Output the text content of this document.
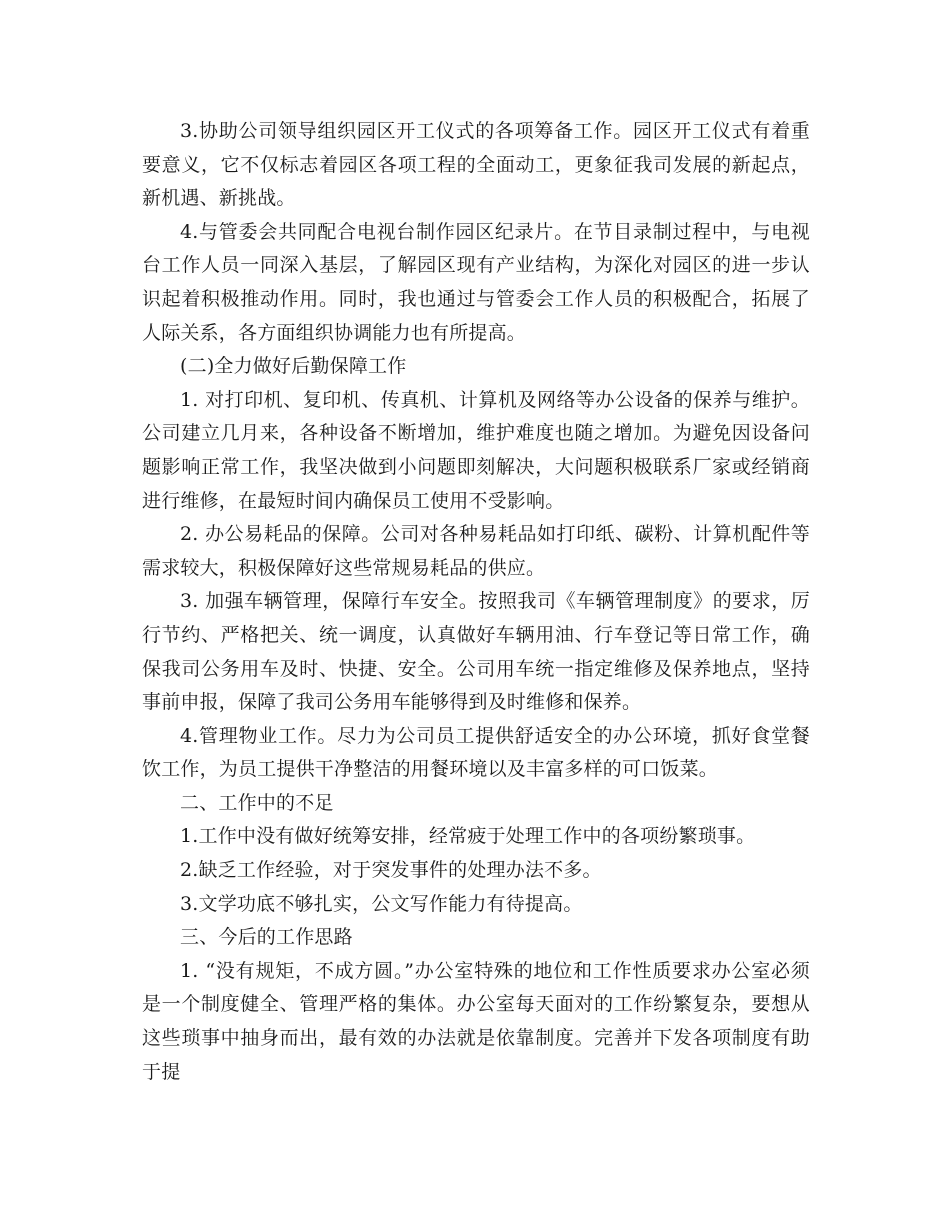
3.协助公司领导组织园区开工仪式的各项筹备工作。园区开工仪式有着重要意义，它不仅标志着园区各项工程的全面动工，更象征我司发展的新起点，新机遇、新挑战。

4.与管委会共同配合电视台制作园区纪录片。在节目录制过程中，与电视台工作人员一同深入基层，了解园区现有产业结构，为深化对园区的进一步认识起着积极推动作用。同时，我也通过与管委会工作人员的积极配合，拓展了人际关系，各方面组织协调能力也有所提高。

(二)全力做好后勤保障工作

1. 对打印机、复印机、传真机、计算机及网络等办公设备的保养与维护。公司建立几月来，各种设备不断增加，维护难度也随之增加。为避免因设备问题影响正常工作，我坚决做到小问题即刻解决，大问题积极联系厂家或经销商进行维修，在最短时间内确保员工使用不受影响。

2. 办公易耗品的保障。公司对各种易耗品如打印纸、碳粉、计算机配件等需求较大，积极保障好这些常规易耗品的供应。

3. 加强车辆管理，保障行车安全。按照我司《车辆管理制度》的要求，厉行节约、严格把关、统一调度，认真做好车辆用油、行车登记等日常工作，确保我司公务用车及时、快捷、安全。公司用车统一指定维修及保养地点，坚持事前申报，保障了我司公务用车能够得到及时维修和保养。

4.管理物业工作。尽力为公司员工提供舒适安全的办公环境，抓好食堂餐饮工作，为员工提供干净整洁的用餐环境以及丰富多样的可口饭菜。

二、工作中的不足

1.工作中没有做好统筹安排，经常疲于处理工作中的各项纷繁琐事。

2.缺乏工作经验，对于突发事件的处理办法不多。

3.文学功底不够扎实，公文写作能力有待提高。

三、今后的工作思路

1. “没有规矩，不成方圆。”办公室特殊的地位和工作性质要求办公室必须是一个制度健全、管理严格的集体。办公室每天面对的工作纷繁复杂，要想从这些琐事中抽身而出，最有效的办法就是依靠制度。完善并下发各项制度有助于提
